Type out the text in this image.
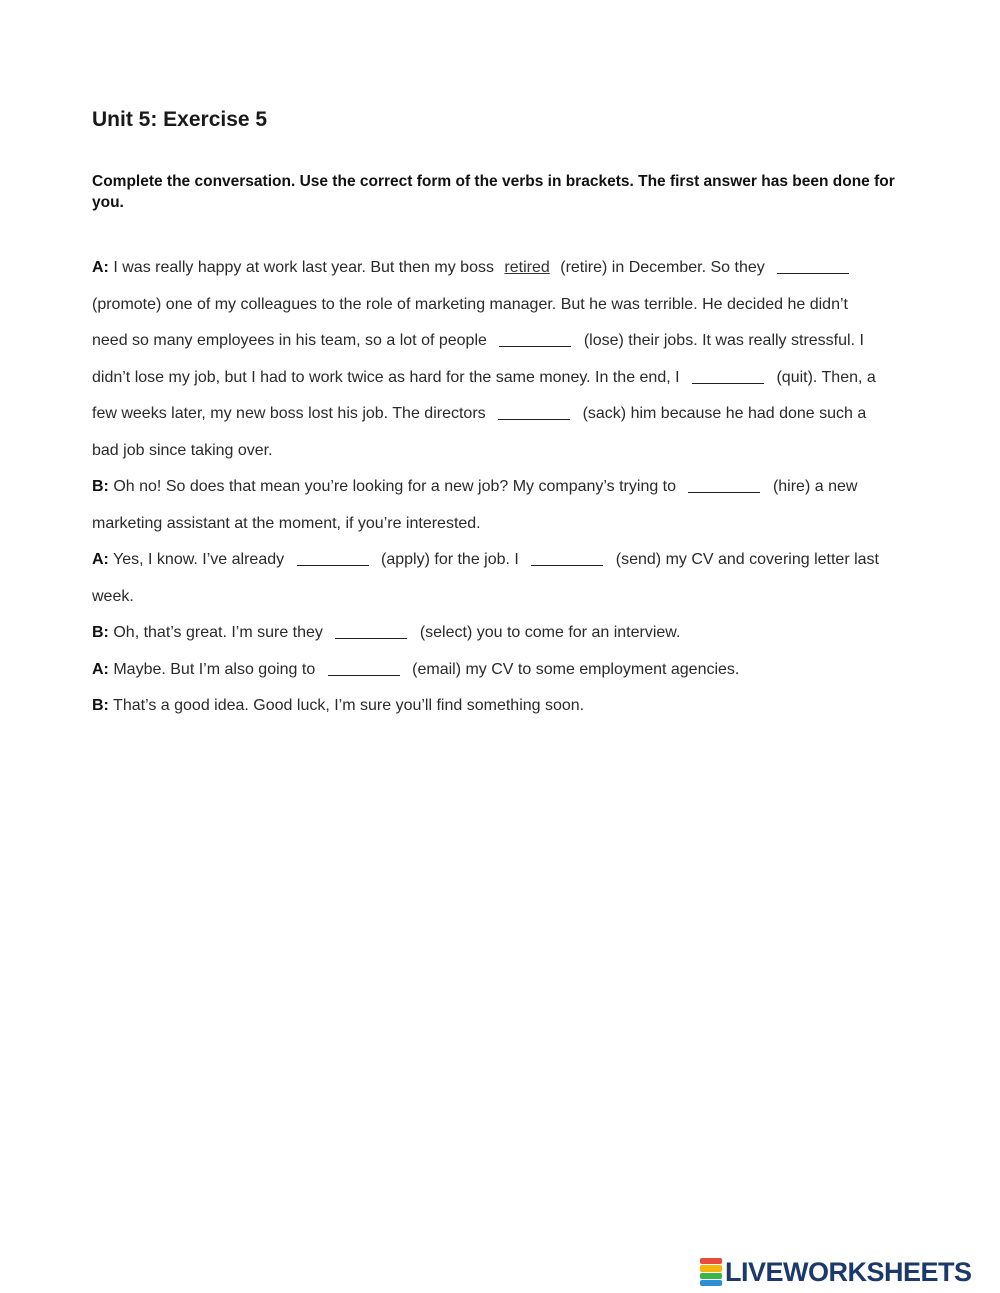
Unit 5: Exercise 5

Complete the conversation. Use the correct form of the verbs in brackets. The first answer has been done for you.

A: I was really happy at work last year. But then my boss retired (retire) in December. So they
(promote) one of my colleagues to the role of marketing manager. But he was terrible. He decided he didn’t
need so many employees in his team, so a lot of people	(lose) their jobs. It was really stressful. I
didn’t lose my job, but I had to work twice as hard for the same money. In the end, I	(quit). Then, a
few weeks later, my new boss lost his job. The directors	(sack) him because he had done such a
bad job since taking over.
B: Oh no! So does that mean you’re looking for a new job? My company’s trying to	(hire) a new
marketing assistant at the moment, if you’re interested.
A: Yes, I know. I’ve already	(apply) for the job. I	(send) my CV and covering letter last
week.
B: Oh, that’s great. I’m sure they	(select) you to come for an interview.
A: Maybe. But I’m also going to	(email) my CV to some employment agencies.
B: That’s a good idea. Good luck, I’m sure you’ll find something soon.
LIVEWORKSHEETS
